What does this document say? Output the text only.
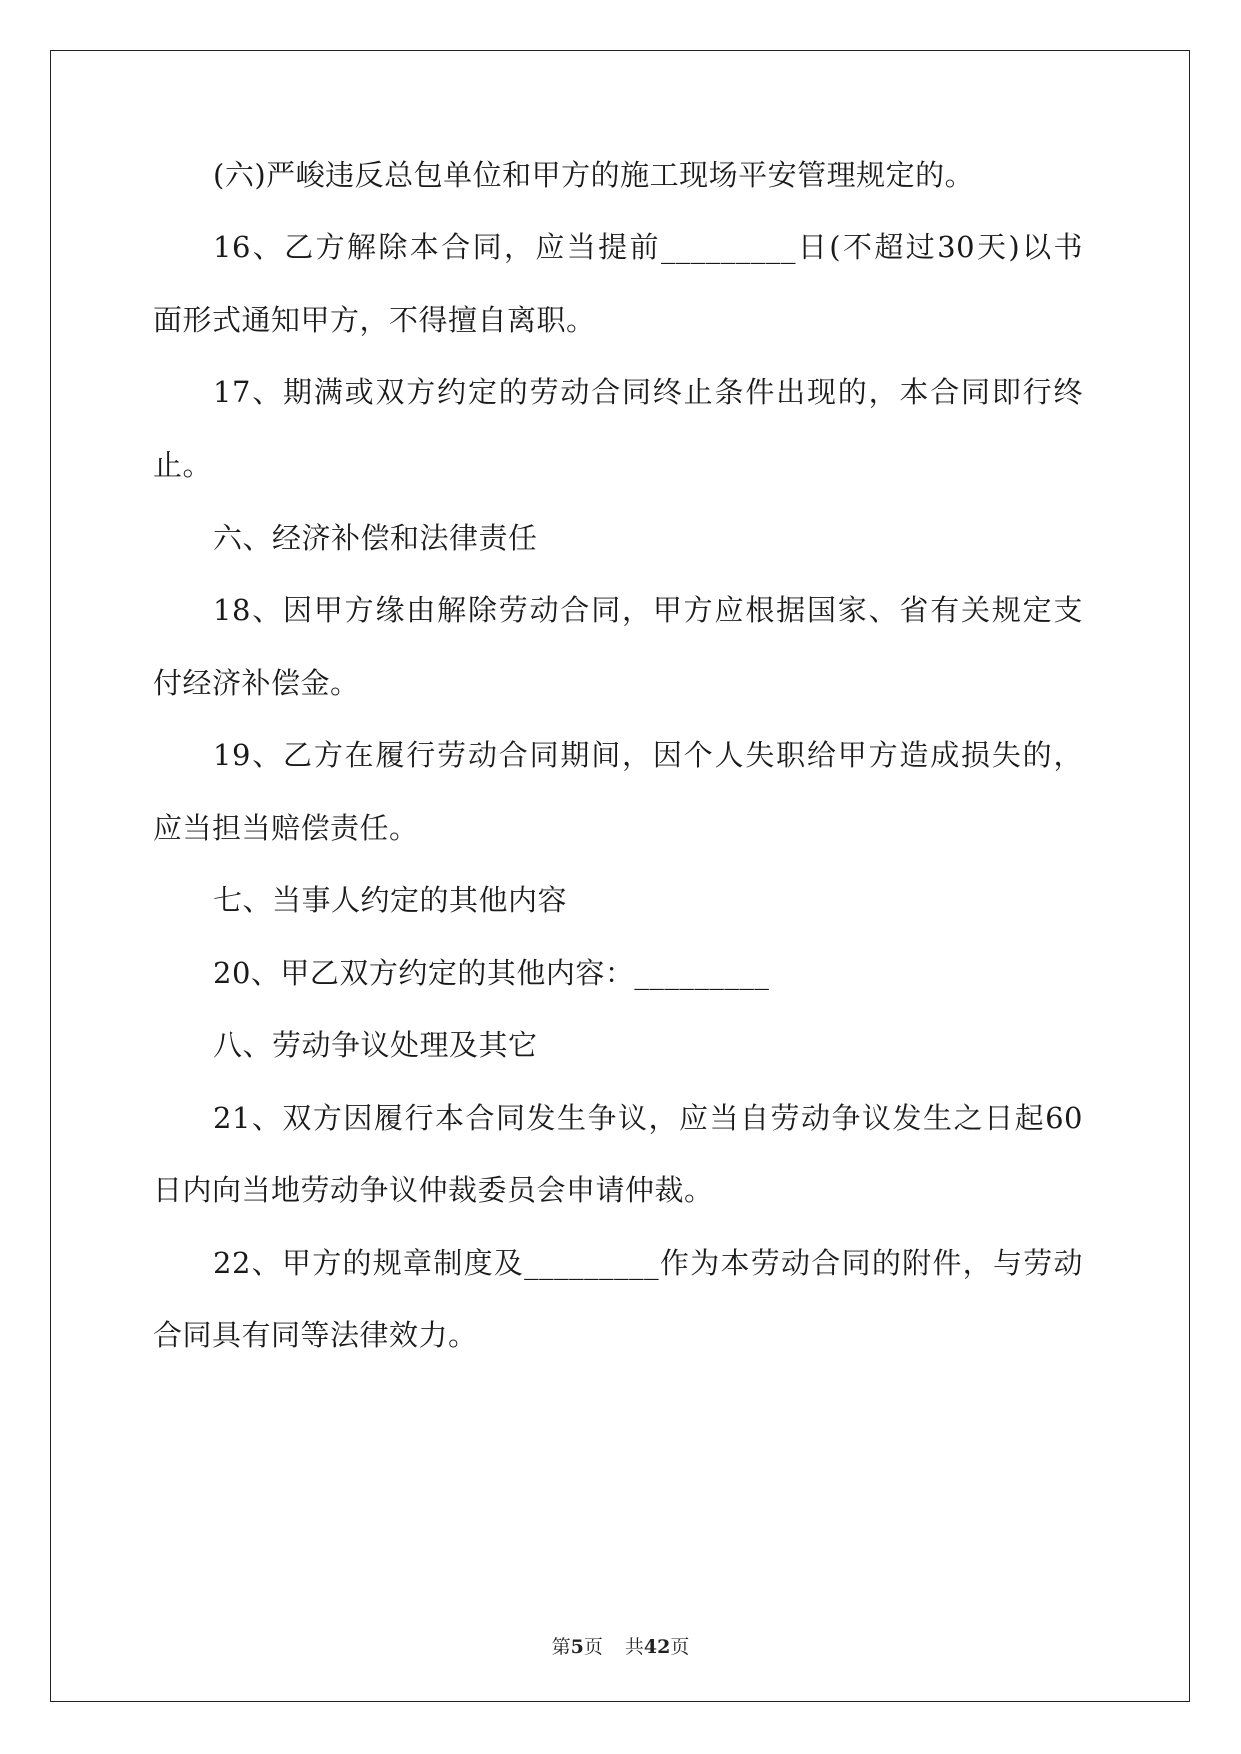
(六)严峻违反总包单位和甲方的施工现场平安管理规定的。
16、乙方解除本合同，应当提前_________日(不超过30天)以书
面形式通知甲方，不得擅自离职。
17、期满或双方约定的劳动合同终止条件出现的，本合同即行终
止。
六、经济补偿和法律责任
18、因甲方缘由解除劳动合同，甲方应根据国家、省有关规定支
付经济补偿金。
19、乙方在履行劳动合同期间，因个人失职给甲方造成损失的，
应当担当赔偿责任。
七、当事人约定的其他内容
20、甲乙双方约定的其他内容：_________
八、劳动争议处理及其它
21、双方因履行本合同发生争议，应当自劳动争议发生之日起60
日内向当地劳动争议仲裁委员会申请仲裁。
22、甲方的规章制度及_________作为本劳动合同的附件，与劳动
合同具有同等法律效力。
第5页 共42页
